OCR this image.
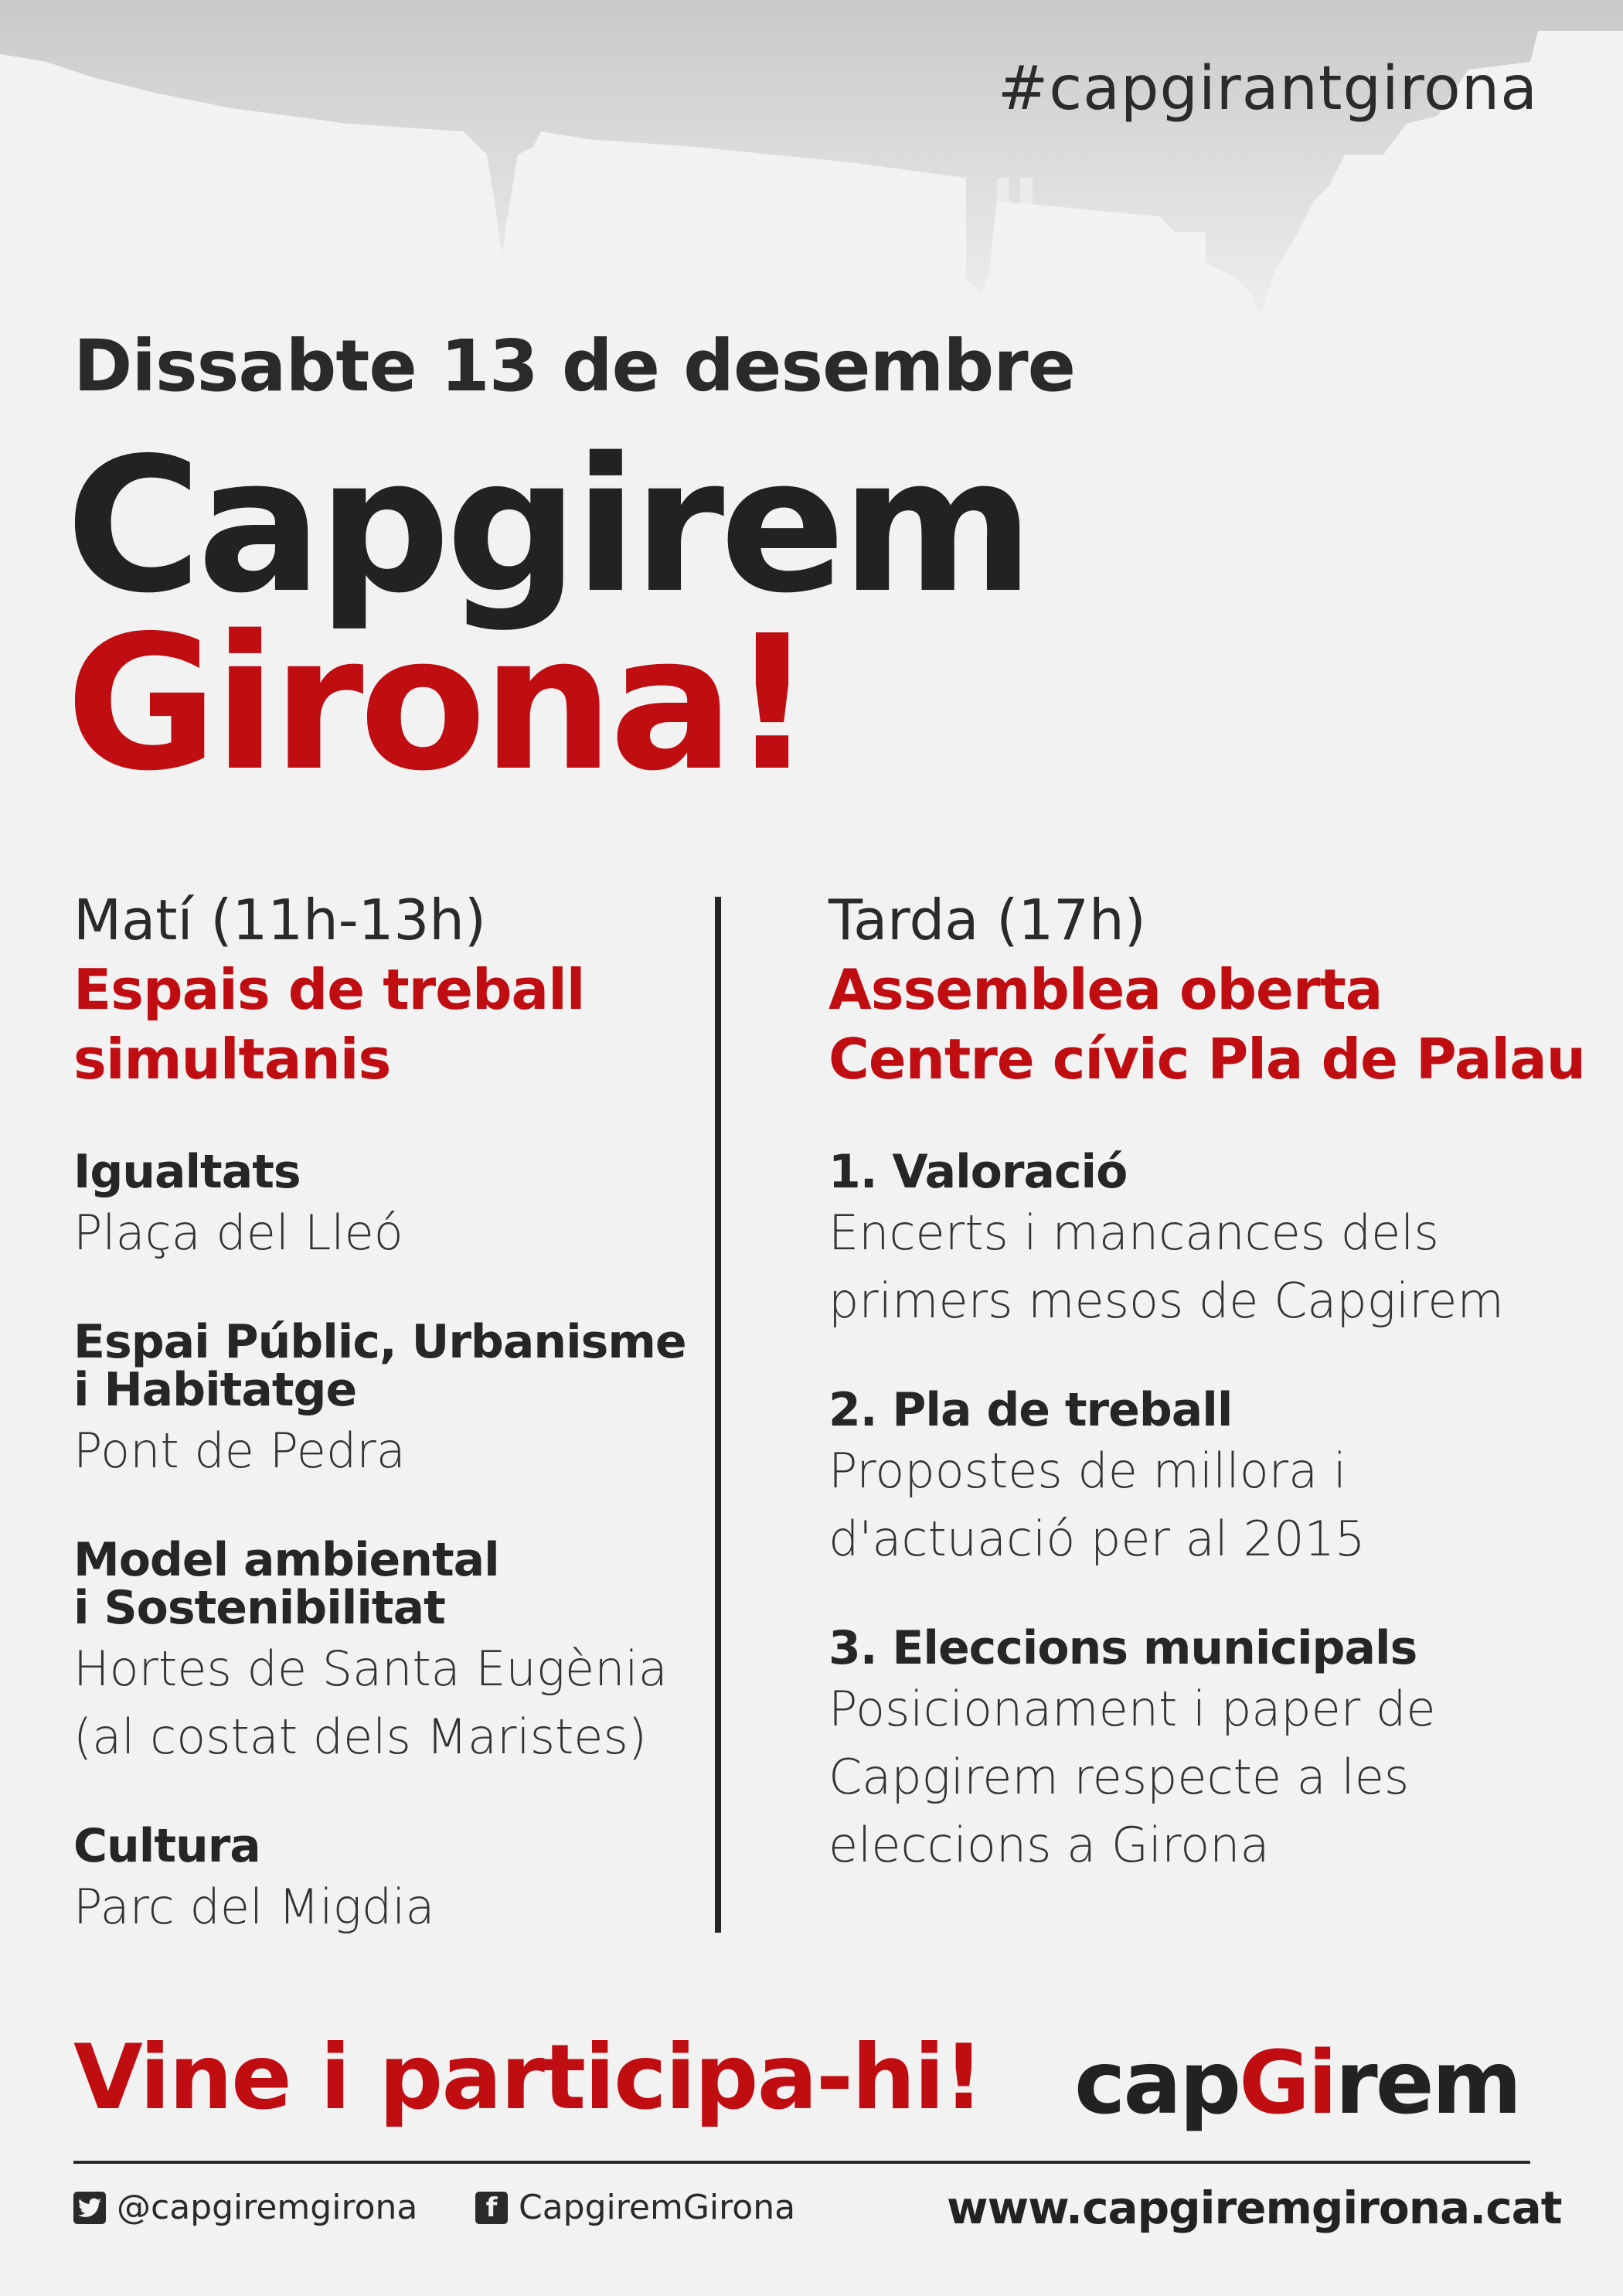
#capgirantgirona
Dissabte 13 de desembre
Capgirem
Girona!
Matí (11h-13h)
Espais de treball
simultanis
Igualtats
Plaça del Lleó
Espai Públic, Urbanisme
i Habitatge
Pont de Pedra
Model ambiental
i Sostenibilitat
Hortes de Santa Eugènia
(al costat dels Maristes)
Cultura
Parc del Migdia
Tarda (17h)
Assemblea oberta
Centre cívic Pla de Palau
1. Valoració
Encerts i mancances dels
primers mesos de Capgirem
2. Pla de treball
Propostes de millora i
d'actuació per al 2015
3. Eleccions municipals
Posicionament i paper de
Capgirem respecte a les
eleccions a Girona
Vine i participa-hi! capGirem
@capgiremgirona	f CapgiremGirona	www.capgiremgirona.cat
